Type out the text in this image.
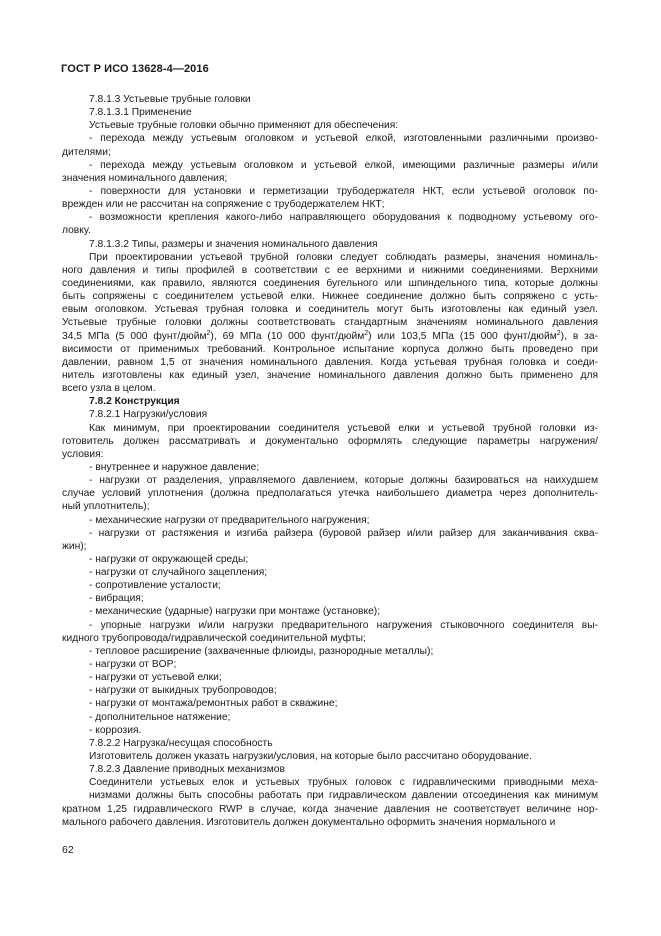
ГОСТ Р ИСО 13628-4—2016
7.8.1.3 Устьевые трубные головки
7.8.1.3.1 Применение
Устьевые трубные головки обычно применяют для обеспечения:
- перехода между устьевым оголовком и устьевой елкой, изготовленными различными произво-
дителями;
- перехода между устьевым оголовком и устьевой елкой, имеющими различные размеры и/или
значения номинального давления;
- поверхности для установки и герметизации трубодержателя НКТ, если устьевой оголовок по-
врежден или не рассчитан на сопряжение с трубодержателем НКТ;
- возможности крепления какого-либо направляющего оборудования к подводному устьевому ого-
ловку.
7.8.1.3.2 Типы, размеры и значения номинального давления
При проектировании устьевой трубной головки следует соблюдать размеры, значения номиналь-
ного давления и типы профилей в соответствии с ее верхними и нижними соединениями. Верхними
соединениями, как правило, являются соединения бугельного или шпиндельного типа, которые должны
быть сопряжены с соединителем устьевой елки. Нижнее соединение должно быть сопряжено с усть-
евым оголовком. Устьевая трубная головка и соединитель могут быть изготовлены как единый узел.
Устьевые трубные головки должны соответствовать стандартным значениям номинального давления
34,5 МПа (5 000 фунт/дюйм$^2$), 69 МПа (10 000 фунт/дюйм$^2$) или 103,5 МПа (15 000 фунт/дюйм$^2$), в за-
висимости от применимых требований. Контрольное испытание корпуса должно быть проведено при
давлении, равном 1,5 от значения номинального давления. Когда устьевая трубная головка и соеди-
нитель изготовлены как единый узел, значение номинального давления должно быть применено для
всего узла в целом.
7.8.2 Конструкция
7.8.2.1 Нагрузки/условия
Как минимум, при проектировании соединителя устьевой елки и устьевой трубной головки из-
готовитель должен рассматривать и документально оформлять следующие параметры нагружения/
условия:
- внутреннее и наружное давление;
- нагрузки от разделения, управляемого давлением, которые должны базироваться на наихудшем
случае условий уплотнения (должна предполагаться утечка наибольшего диаметра через дополнитель-
ный уплотнитель);
- механические нагрузки от предварительного нагружения;
- нагрузки от растяжения и изгиба райзера (буровой райзер и/или райзер для заканчивания сква-
жин);
- нагрузки от окружающей среды;
- нагрузки от случайного зацепления;
- сопротивление усталости;
- вибрация;
- механические (ударные) нагрузки при монтаже (установке);
- упорные нагрузки и/или нагрузки предварительного нагружения стыковочного соединителя вы-
кидного трубопровода/гидравлической соединительной муфты;
- тепловое расширение (захваченные флюиды, разнородные металлы);
- нагрузки от BOP;
- нагрузки от устьевой елки;
- нагрузки от выкидных трубопроводов;
- нагрузки от монтажа/ремонтных работ в скважине;
- дополнительное натяжение;
- коррозия.
7.8.2.2 Нагрузка/несущая способность
Изготовитель должен указать нагрузки/условия, на которые было рассчитано оборудование.
7.8.2.3 Давление приводных механизмов
Соединители устьевых елок и устьевых трубных головок с гидравлическими приводными меха-
низмами должны быть способны работать при гидравлическом давлении отсоединения как минимум
кратном 1,25 гидравлического RWP в случае, когда значение давления не соответствует величине нор-
мального рабочего давления. Изготовитель должен документально оформить значения нормального и
62
